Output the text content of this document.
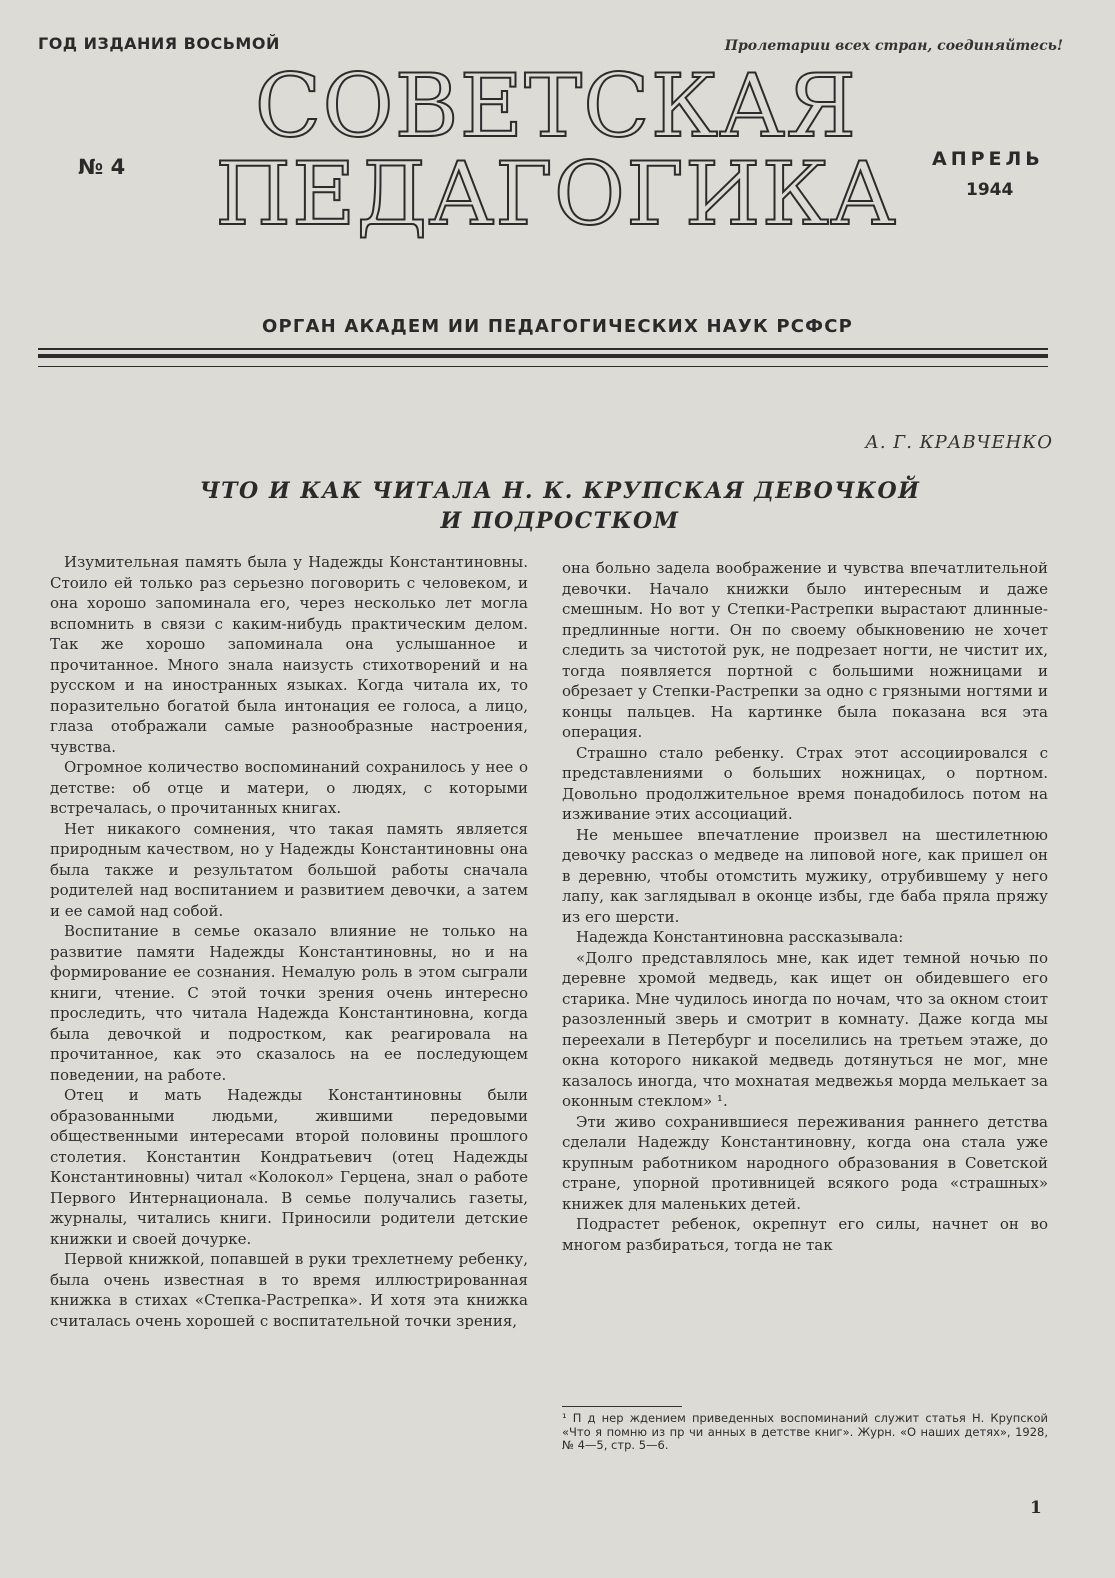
ГОД ИЗДАНИЯ ВОСЬМОЙ	Пролетарии всех стран, соединяйтесь!
№ 4
СОВЕТСКАЯ
ПЕДАГОГИКА	АПРЕЛЬ
1944
ОРГАН АКАДЕМ ИИ ПЕДАГОГИЧЕСКИХ НАУК РСФСР
А. Г. КРАВЧЕНКО
ЧТО И КАК ЧИТАЛА Н. К. КРУПСКАЯ ДЕВОЧКОЙ
И ПОДРОСТКОМ

Изумительная память была у Надежды Константиновны. Стоило ей только раз серьезно поговорить с человеком, и она хорошо запоминала его, через несколько лет могла вспомнить в связи с каким-нибудь практическим делом. Так же хорошо запоминала она услышанное и прочитанное. Много знала наизусть стихотворений и на русском и на иностранных языках. Когда читала их, то поразительно богатой была интонация ее голоса, а лицо, глаза отображали самые разнообразные настроения, чувства.

Огромное количество воспоминаний сохранилось у нее о детстве: об отце и матери, о людях, с которыми встречалась, о прочитанных книгах.

Нет никакого сомнения, что такая память является природным качеством, но у Надежды Константиновны она была также и результатом большой работы сначала родителей над воспитанием и развитием девочки, а затем и ее самой над собой.

Воспитание в семье оказало влияние не только на развитие памяти Надежды Константиновны, но и на формирование ее сознания. Немалую роль в этом сыграли книги, чтение. С этой точки зрения очень интересно проследить, что читала Надежда Константиновна, когда была девочкой и подростком, как реагировала на прочитанное, как это сказалось на ее последующем поведении, на работе.

Отец и мать Надежды Константиновны были образованными людьми, жившими передовыми общественными интересами второй половины прошлого столетия. Константин Кондратьевич (отец Надежды Константиновны) читал «Колокол» Герцена, знал о работе Первого Интернационала. В семье получались газеты, журналы, читались книги. Приносили родители детские книжки и своей дочурке.

Первой книжкой, попавшей в руки трехлетнему ребенку, была очень известная в то время иллюстрированная книжка в стихах «Степка-Растрепка». И хотя эта книжка считалась очень хорошей с воспитательной точки зрения,

она больно задела воображение и чувства впечатлительной девочки. Начало книжки было интересным и даже смешным. Но вот у Степки-Растрепки вырастают длинные-предлинные ногти. Он по своему обыкновению не хочет следить за чистотой рук, не подрезает ногти, не чистит их, тогда появляется портной с большими ножницами и обрезает у Степки-Растрепки за одно с грязными ногтями и концы пальцев. На картинке была показана вся эта операция.

Страшно стало ребенку. Страх этот ассоциировался с представлениями о больших ножницах, о портном. Довольно продолжительное время понадобилось потом на изживание этих ассоциаций.

Не меньшее впечатление произвел на шестилетнюю девочку рассказ о медведе на липовой ноге, как пришел он в деревню, чтобы отомстить мужику, отрубившему у него лапу, как заглядывал в оконце избы, где баба пряла пряжу из его шерсти.

Надежда Константиновна рассказывала:

«Долго представлялось мне, как идет темной ночью по деревне хромой медведь, как ищет он обидевшего его старика. Мне чудилось иногда по ночам, что за окном стоит разозленный зверь и смотрит в комнату. Даже когда мы переехали в Петербург и поселились на третьем этаже, до окна которого никакой медведь дотянуться не мог, мне казалось иногда, что мохнатая медвежья морда мелькает за оконным стеклом» ¹.

Эти живо сохранившиеся переживания раннего детства сделали Надежду Константиновну, когда она стала уже крупным работником народного образования в Советской стране, упорной противницей всякого рода «страшных» книжек для маленьких детей.

Подрастет ребенок, окрепнут его силы, начнет он во многом разбираться, тогда не так

¹ П д нер ждением приведенных воспоминаний служит статья Н. Крупской «Что я помню из пр чи анных в детстве книг». Журн. «О наших детях», 1928, № 4—5, стр. 5—6.
1
